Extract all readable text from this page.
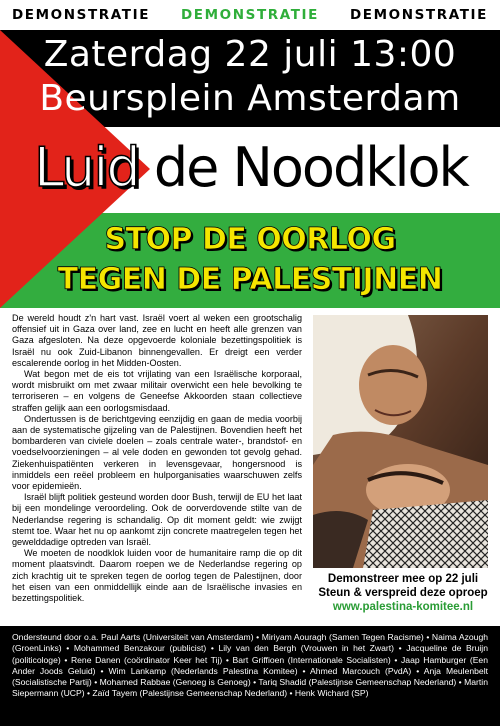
DEMONSTRATIE DEMONSTRATIE DEMONSTRATIE
Zaterdag 22 juli 13:00
Beursplein Amsterdam
Luid de Noodklok
STOP DE OORLOG
TEGEN DE PALESTIJNEN

De wereld houdt z'n hart vast. Israël voert al weken een grootschalig offensief uit in Gaza over land, zee en lucht en heeft alle grenzen van Gaza afgesloten. Na deze opgevoerde koloniale bezettingspolitiek is Israël nu ook Zuid-Libanon binnengevallen. Er dreigt een verder escalerende oorlog in het Midden-Oosten.

Wat begon met de eis tot vrijlating van een Israëlische korporaal, wordt misbruikt om met zwaar militair overwicht een hele bevolking te terroriseren – en volgens de Geneefse Akkoorden staan collectieve straffen gelijk aan een oorlogsmisdaad.

Ondertussen is de berichtgeving eenzijdig en gaan de media voorbij aan de systematische gijzeling van de Palestijnen. Bovendien heeft het bombarderen van civiele doelen – zoals centrale water-, brandstof- en voedselvoorzieningen – al vele doden en gewonden tot gevolg gehad. Ziekenhuispatiënten verkeren in levensgevaar, hongersnood is inmiddels een reëel probleem en hulporganisaties waarschuwen zelfs voor epidemieën.

Israël blijft politiek gesteund worden door Bush, terwijl de EU het laat bij een mondelinge veroordeling. Ook de oorverdovende stilte van de Nederlandse regering is schandalig. Op dit moment geldt: wie zwijgt stemt toe. Waar het nu op aankomt zijn concrete maatregelen tegen het gewelddadige optreden van Israël.

We moeten de noodklok luiden voor de humanitaire ramp die op dit moment plaatsvindt. Daarom roepen we de Nederlandse regering op zich krachtig uit te spreken tegen de oorlog tegen de Palestijnen, door het eisen van een onmiddellijk einde aan de Israëlische invasies en bezettingspolitiek.

Demonstreer mee op 22 juli
Steun & verspreid deze oproep
www.palestina-komitee.nl
Ondersteund door o.a. Paul Aarts (Universiteit van Amsterdam) • Miriyam Aouragh (Samen Tegen Racisme) • Naima Azough (GroenLinks) • Mohammed Benzakour (publicist) • Lily van den Bergh (Vrouwen in het Zwart) • Jacqueline de Bruijn (politicologe) • Rene Danen (coördinator Keer het Tij) • Bart Griffioen (Internationale Socialisten) • Jaap Hamburger (Een Ander Joods Geluid) • Wim Lankamp (Nederlands Palestina Komitee) • Ahmed Marcouch (PvdA) • Anja Meulenbelt (Socialistische Partij) • Mohamed Rabbae (Genoeg is Genoeg) • Tariq Shadid (Palestijnse Gemeenschap Nederland) • Martin Siepermann (UCP) • Zaïd Tayem (Palestijnse Gemeenschap Nederland) • Henk Wichard (SP)
